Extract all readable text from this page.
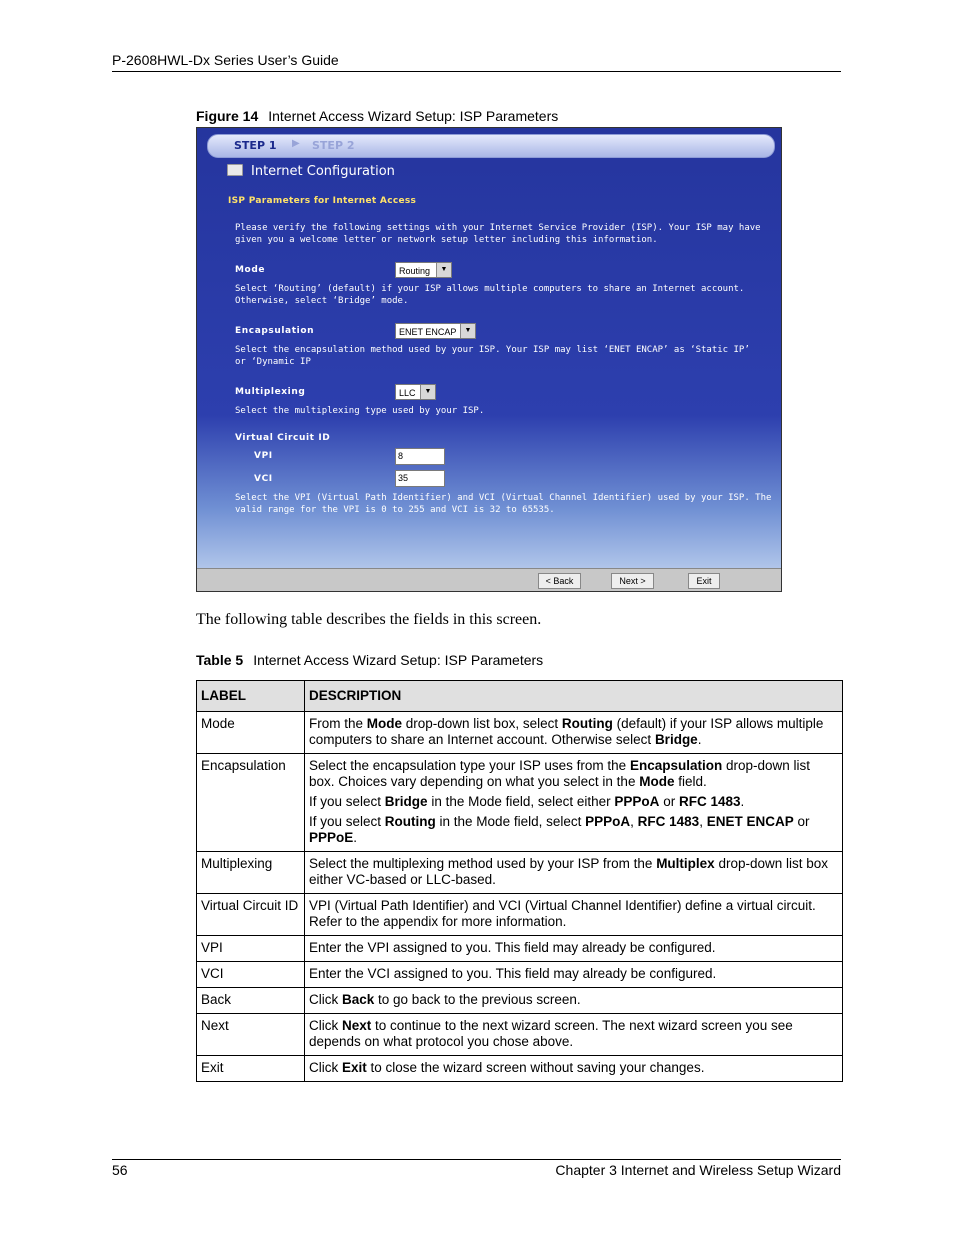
P-2608HWL-Dx Series User’s Guide
Figure 14 Internet Access Wizard Setup: ISP Parameters
STEP 1 ▶ STEP 2
Internet Configuration
ISP Parameters for Internet Access
Please verify the following settings with your Internet Service Provider (ISP). Your ISP may have
given you a welcome letter or network setup letter including this information.
Mode	Routing	▼
Select ‘Routing’ (default) if your ISP allows multiple computers to share an Internet account.
Otherwise, select ‘Bridge’ mode.
Encapsulation	ENET ENCAP	▼
Select the encapsulation method used by your ISP. Your ISP may list ‘ENET ENCAP’ as ‘Static IP’
or ‘Dynamic IP
Multiplexing	LLC	▼
Select the multiplexing type used by your ISP.
Virtual Circuit ID
VPI	8
VCI	35
Select the VPI (Virtual Path Identifier) and VCI (Virtual Channel Identifier) used by your ISP. The
valid range for the VPI is 0 to 255 and VCI is 32 to 65535.
< Back	Next >	Exit
The following table describes the fields in this screen.
Table 5 Internet Access Wizard Setup: ISP Parameters
LABEL	DESCRIPTION
Mode	From the Mode drop-down list box, select Routing (default) if your ISP allows multiple computers to share an Internet account. Otherwise select Bridge.
Encapsulation	Select the encapsulation type your ISP uses from the Encapsulation drop-down list box. Choices vary depending on what you select in the Mode field.

If you select Bridge in the Mode field, select either PPPoA or RFC 1483.

If you select Routing in the Mode field, select PPPoA, RFC 1483, ENET ENCAP or PPPoE.

Multiplexing	Select the multiplexing method used by your ISP from the Multiplex drop-down list box either VC-based or LLC-based.
Virtual Circuit ID	VPI (Virtual Path Identifier) and VCI (Virtual Channel Identifier) define a virtual circuit. Refer to the appendix for more information.
VPI	Enter the VPI assigned to you. This field may already be configured.
VCI	Enter the VCI assigned to you. This field may already be configured.
Back	Click Back to go back to the previous screen.
Next	Click Next to continue to the next wizard screen. The next wizard screen you see depends on what protocol you chose above.
Exit	Click Exit to close the wizard screen without saving your changes.
56	Chapter 3 Internet and Wireless Setup Wizard
